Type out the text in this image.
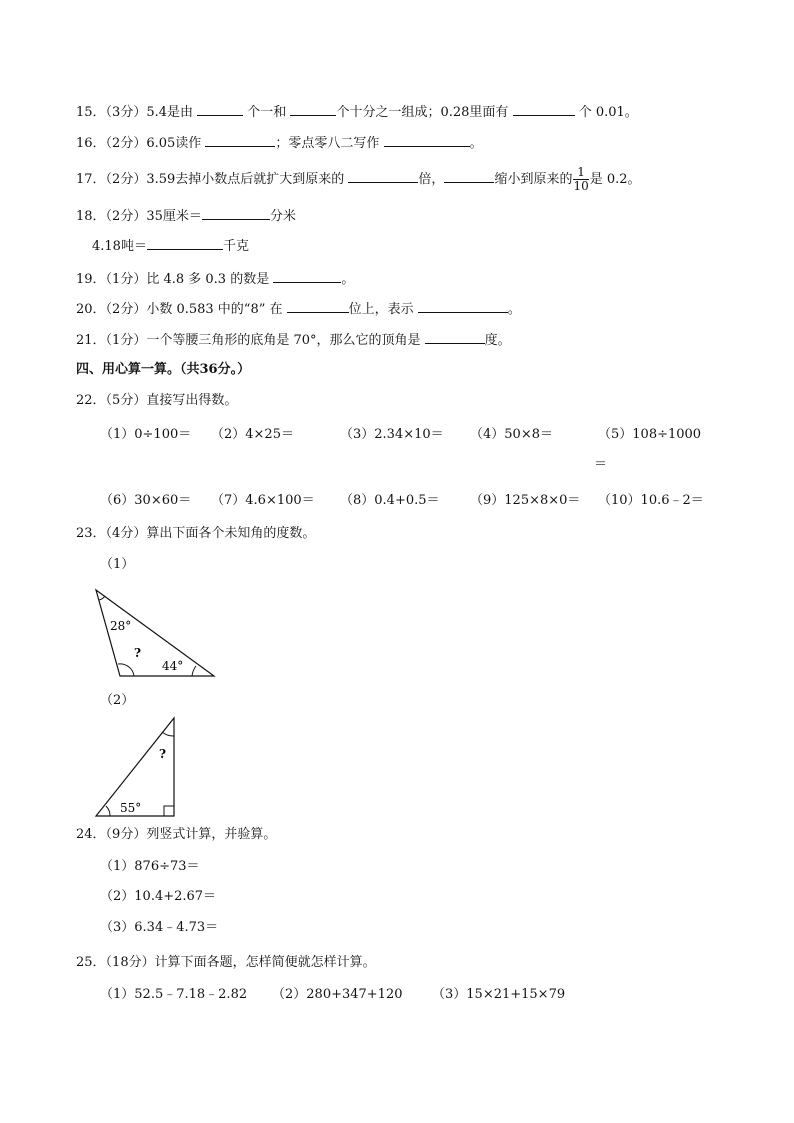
15．（3分）5.4是由	个一和	个十分之一组成；0.28里面有	个 0.01。
16．（2分）6.05读作	；零点零八二写作	。
17．（2分）3.59去掉小数点后就扩大到原来的	倍，	缩小到原来的 $\frac{1}{10}$ 是 0.2。
18．（2分）35厘米＝	分米
4.18吨＝	千克
19．（1分）比 4.8 多 0.3 的数是	。
20．（2分）小数 0.583 中的“8” 在	位上，表示	。
21．（1分）一个等腰三角形的底角是 70°，那么它的顶角是	度。
四、用心算一算。（共36分。）
22．（5分）直接写出得数。
（1）0÷100＝ （2）4×25＝	（3）2.34×10＝ （4）50×8＝	（5）108÷1000
＝
（6）30×60＝ （7）4.6×100＝ （8）0.4+0.5＝ （9）125×8×0＝ （10）10.6﹣2＝
23．（4分）算出下面各个未知角的度数。
（1）
28°
?
44°
（2）
?
55°
24．（9分）列竖式计算，并验算。
（1）876÷73＝
（2）10.4+2.67＝
（3）6.34﹣4.73＝
25．（18分）计算下面各题，怎样简便就怎样计算。
（1）52.5﹣7.18﹣2.82 （2）280+347+120 （3）15×21+15×79
